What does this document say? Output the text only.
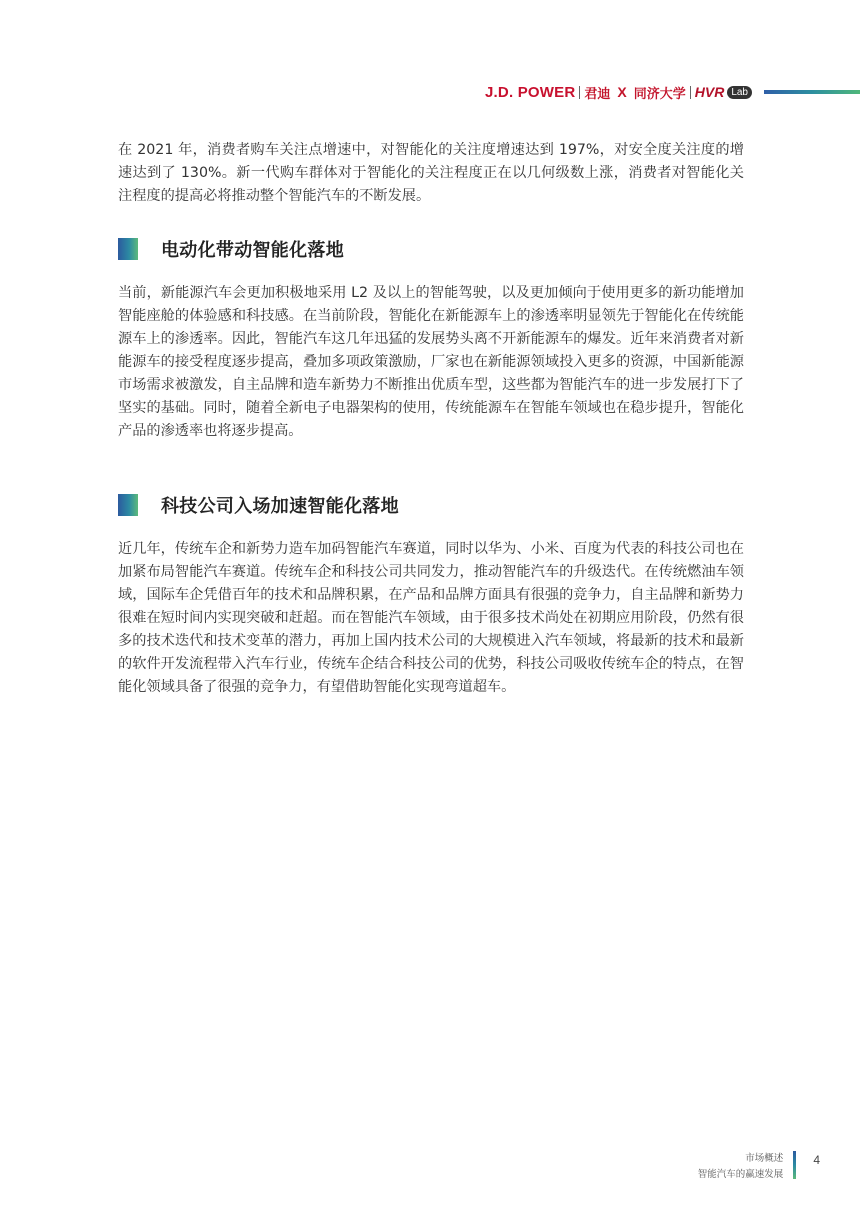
J.D. POWER 君迪 X 同济大学 HVR Lab

在 2021 年，消费者购车关注点增速中，对智能化的关注度增速达到 197%，对安全度关注度的增速达到了 130%。新一代购车群体对于智能化的关注程度正在以几何级数上涨，消费者对智能化关注程度的提高必将推动整个智能汽车的不断发展。

电动化带动智能化落地

当前，新能源汽车会更加积极地采用 L2 及以上的智能驾驶，以及更加倾向于使用更多的新功能增加智能座舱的体验感和科技感。在当前阶段，智能化在新能源车上的渗透率明显领先于智能化在传统能源车上的渗透率。因此，智能汽车这几年迅猛的发展势头离不开新能源车的爆发。近年来消费者对新能源车的接受程度逐步提高，叠加多项政策激励，厂家也在新能源领域投入更多的资源，中国新能源市场需求被激发，自主品牌和造车新势力不断推出优质车型，这些都为智能汽车的进一步发展打下了坚实的基础。同时，随着全新电子电器架构的使用，传统能源车在智能车领域也在稳步提升，智能化产品的渗透率也将逐步提高。

科技公司入场加速智能化落地

近几年，传统车企和新势力造车加码智能汽车赛道，同时以华为、小米、百度为代表的科技公司也在加紧布局智能汽车赛道。传统车企和科技公司共同发力，推动智能汽车的升级迭代。在传统燃油车领域，国际车企凭借百年的技术和品牌积累，在产品和品牌方面具有很强的竞争力，自主品牌和新势力很难在短时间内实现突破和赶超。而在智能汽车领域，由于很多技术尚处在初期应用阶段，仍然有很多的技术迭代和技术变革的潜力，再加上国内技术公司的大规模进入汽车领域，将最新的技术和最新的软件开发流程带入汽车行业，传统车企结合科技公司的优势，科技公司吸收传统车企的特点，在智能化领域具备了很强的竞争力，有望借助智能化实现弯道超车。

市场概述
智能汽车的赢速发展
4
